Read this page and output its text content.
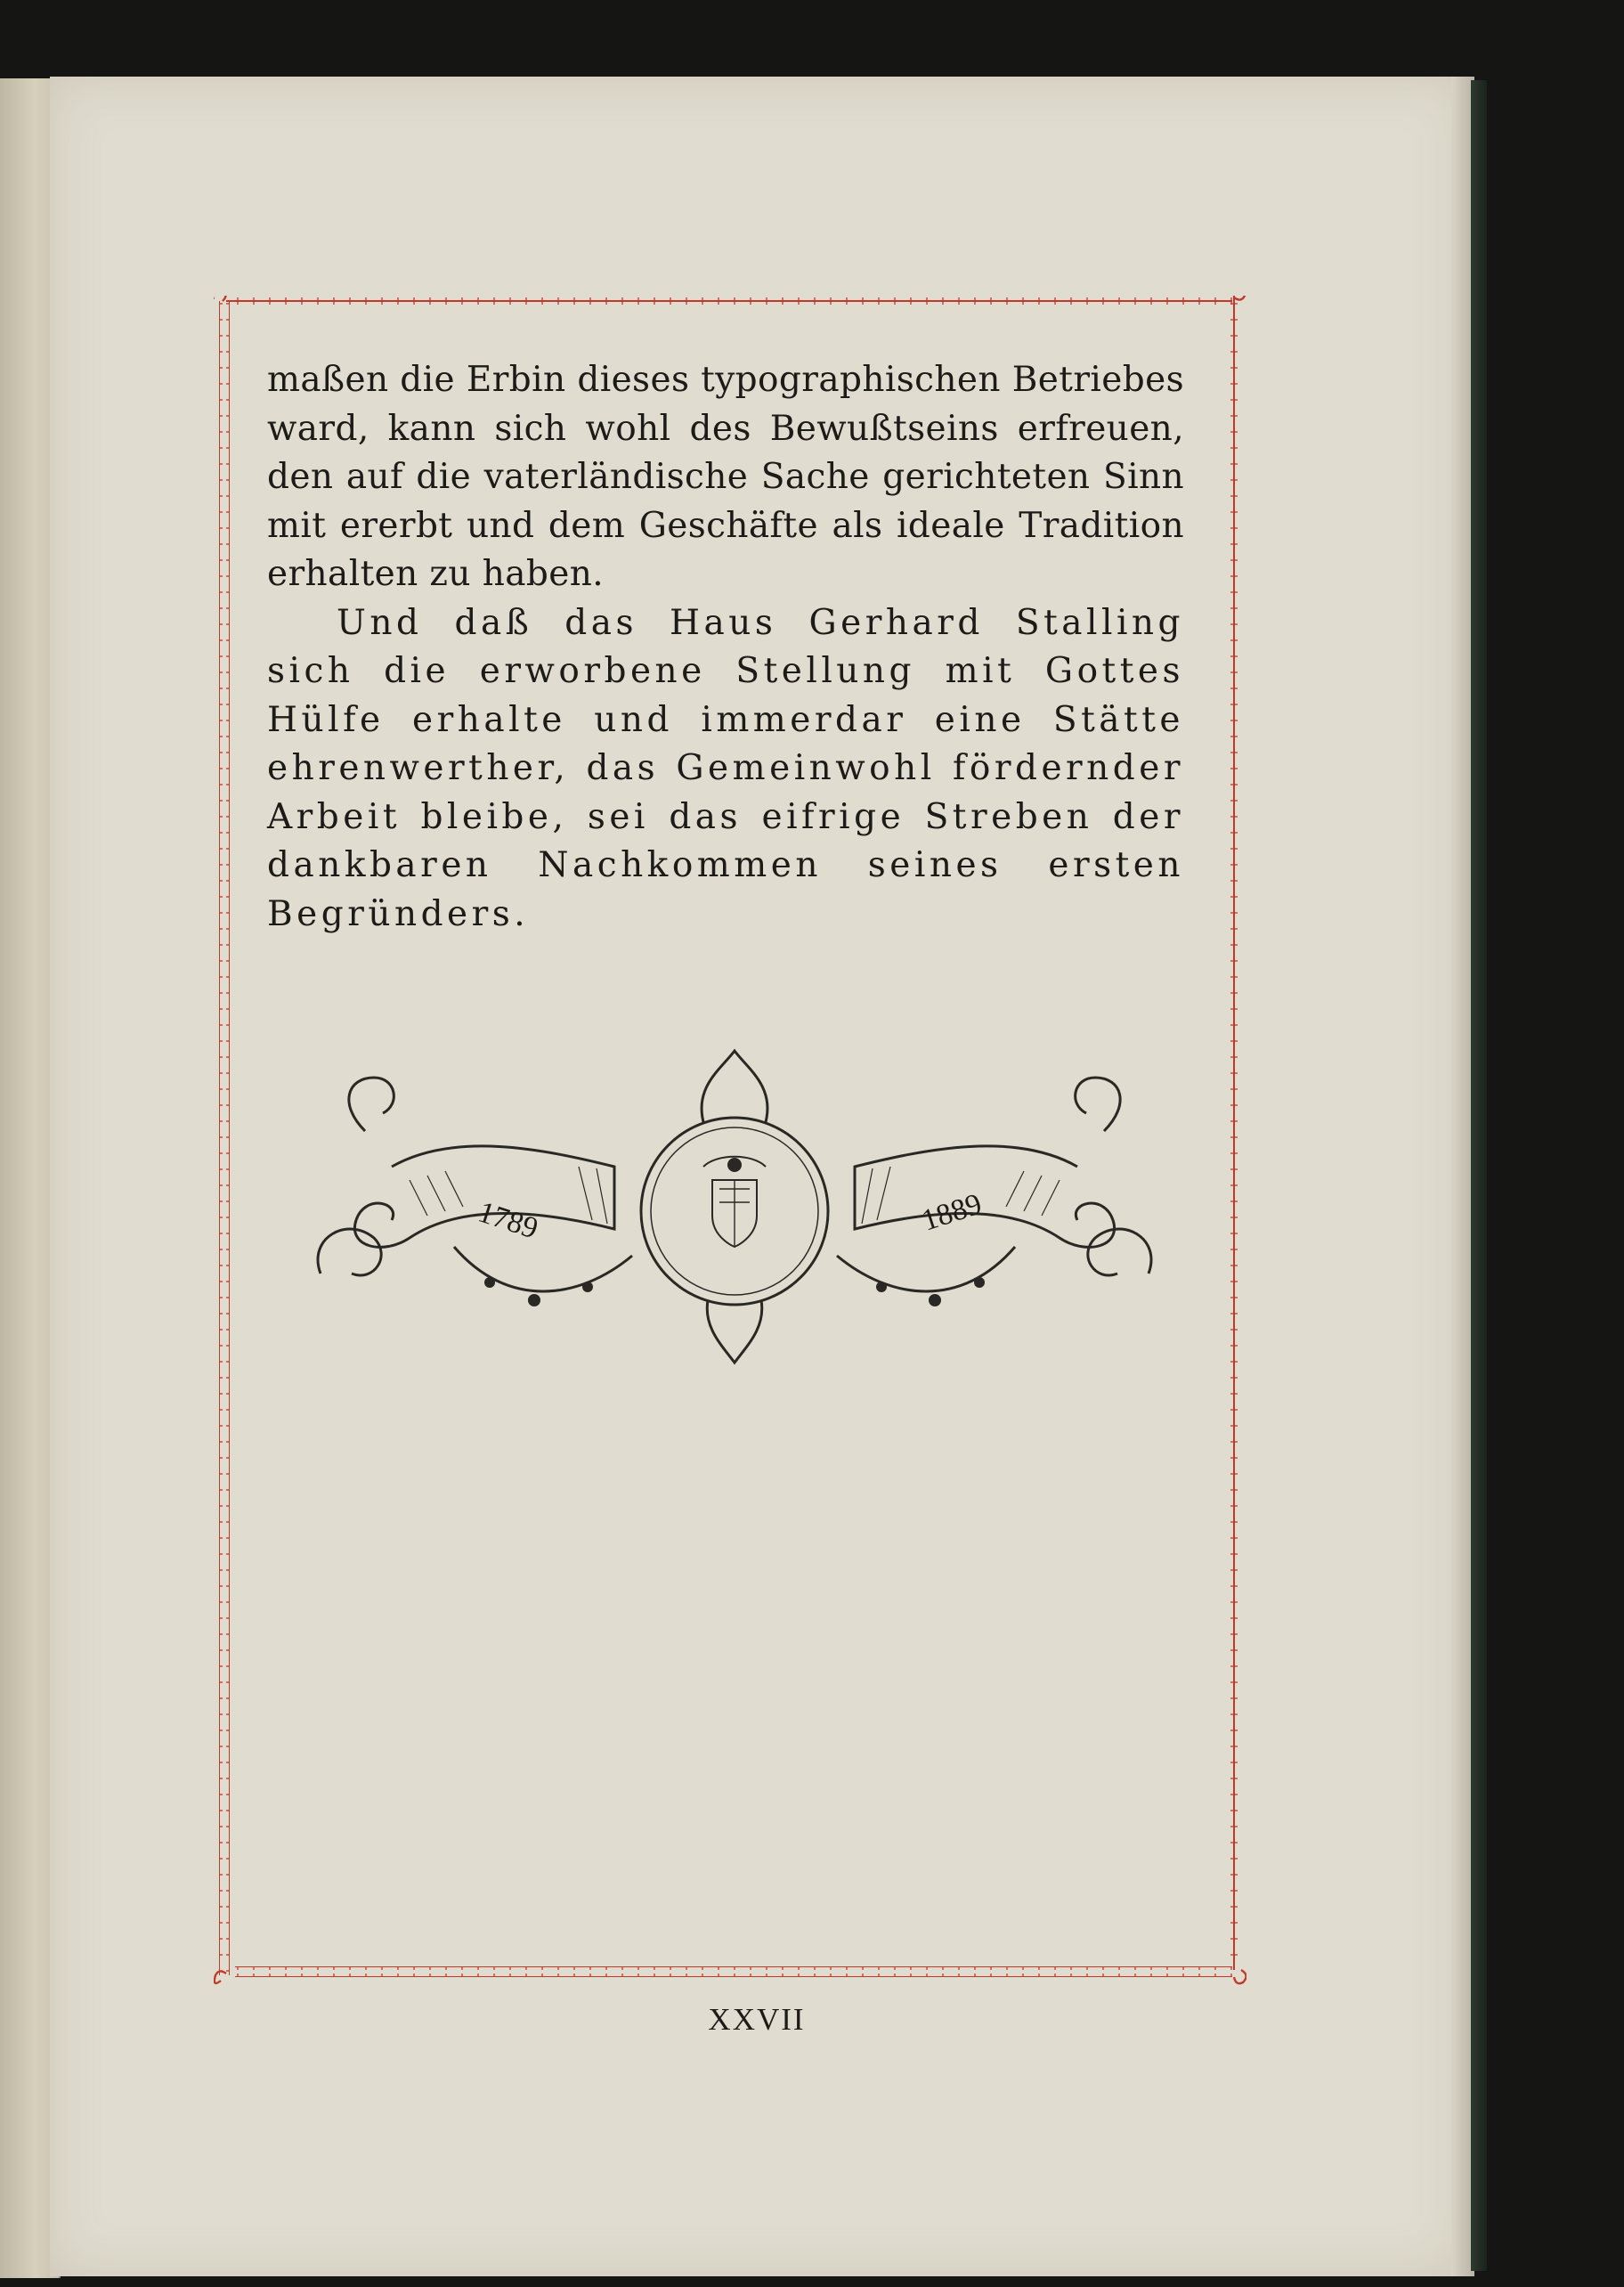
maßen die Erbin dieses typographischen Betriebes ward, kann sich wohl des Bewußtseins erfreuen, den auf die vaterländische Sache gerichteten Sinn mit ererbt und dem Geschäfte als ideale Tradition erhalten zu haben.

Und daß das Haus Gerhard Stalling sich die erworbene Stellung mit Gottes Hülfe erhalte und immerdar eine Stätte ehrenwerther, das Gemeinwohl fördernder Arbeit bleibe, sei das eifrige Streben der dankbaren Nachkommen seines ersten Begründers.

1789	1889
XXVII
